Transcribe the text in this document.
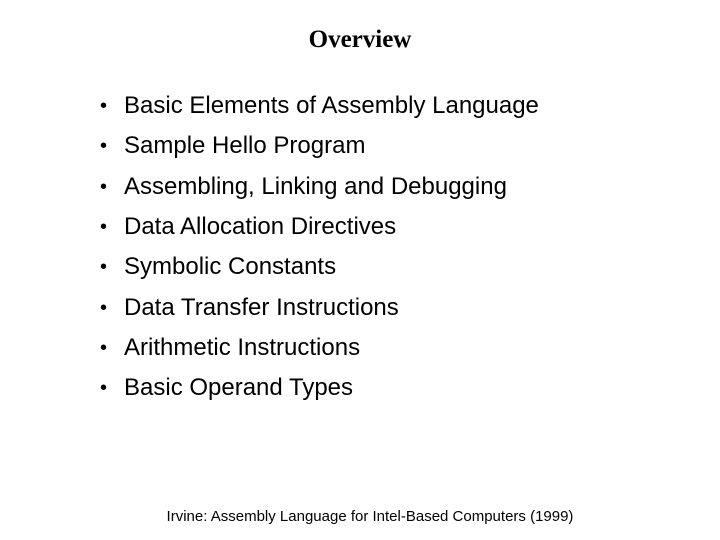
Overview
• Basic Elements of Assembly Language
• Sample Hello Program
• Assembling, Linking and Debugging
• Data Allocation Directives
• Symbolic Constants
• Data Transfer Instructions
• Arithmetic Instructions
• Basic Operand Types
Irvine: Assembly Language for Intel-Based Computers (1999)
